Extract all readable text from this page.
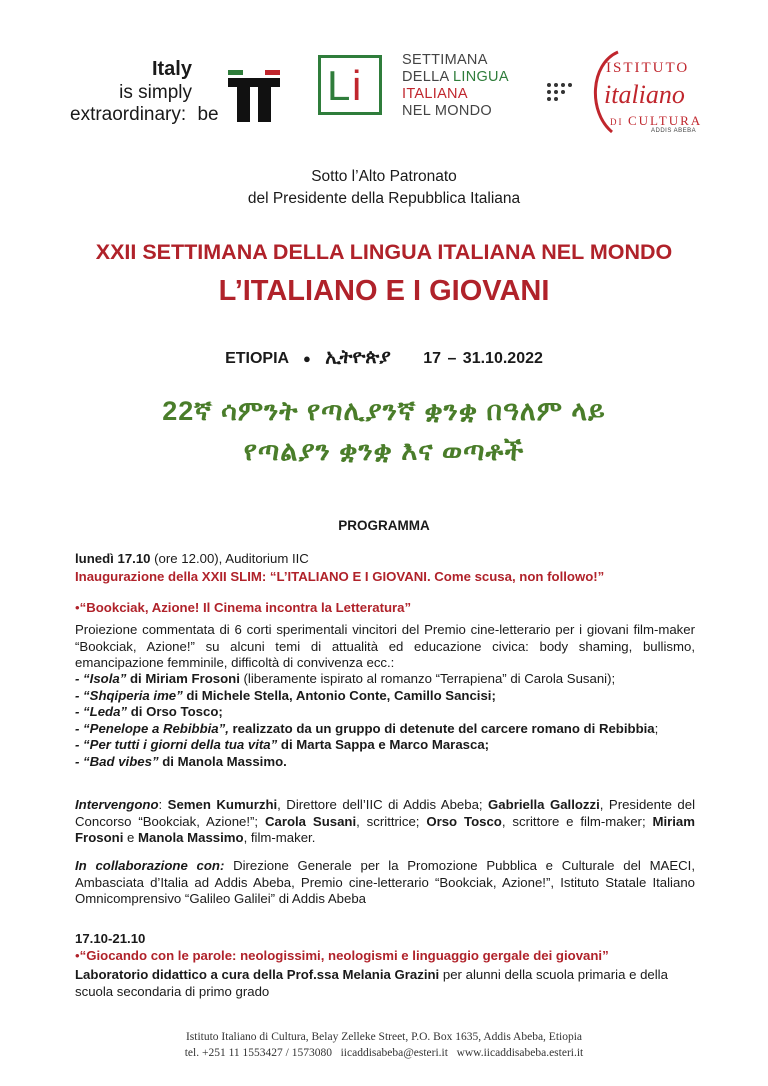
Italy
is simply
extraordinary: be
L i
SETTIMANA
DELLA LINGUA
ITALIANA
NEL MONDO
ISTITUTO
italiano
DI CULTURA
ADDIS ABEBA
Sotto l’Alto Patronato
del Presidente della Repubblica Italiana
XXII SETTIMANA DELLA LINGUA ITALIANA NEL MONDO
L’ITALIANO E I GIOVANI
ETIOPIA ● ኢትዮጵያ 17 – 31.10.2022
22ኛ ሳምንት የጣሊያንኛ ቋንቋ በዓለም ላይ
የጣልያን ቋንቋ እና ወጣቶች
PROGRAMMA
lunedì 17.10 (ore 12.00), Auditorium IIC
Inaugurazione della XXII SLIM: “L’ITALIANO E I GIOVANI. Come scusa, non followo!”
•“Bookciak, Azione! Il Cinema incontra la Letteratura”
Proiezione commentata di 6 corti sperimentali vincitori del Premio cine-letterario per i giovani film-maker “Bookciak, Azione!” su alcuni temi di attualità ed educazione civica: body shaming, bullismo, emancipazione femminile, difficoltà di convivenza ecc.:
- “Isola” di Miriam Frosoni (liberamente ispirato al romanzo “Terrapiena” di Carola Susani);
- “Shqiperia ime” di Michele Stella, Antonio Conte, Camillo Sancisi;
- “Leda” di Orso Tosco;
- “Penelope a Rebibbia”, realizzato da un gruppo di detenute del carcere romano di Rebibbia;
- “Per tutti i giorni della tua vita” di Marta Sappa e Marco Marasca;
- “Bad vibes” di Manola Massimo.
Intervengono: Semen Kumurzhi, Direttore dell’IIC di Addis Abeba; Gabriella Gallozzi, Presidente del Concorso “Bookciak, Azione!”; Carola Susani, scrittrice; Orso Tosco, scrittore e film-maker; Miriam Frosoni e Manola Massimo, film-maker.
In collaborazione con: Direzione Generale per la Promozione Pubblica e Culturale del MAECI, Ambasciata d’Italia ad Addis Abeba, Premio cine-letterario “Bookciak, Azione!”, Istituto Statale Italiano Omnicomprensivo “Galileo Galilei” di Addis Abeba
17.10-21.10
•“Giocando con le parole: neologissimi, neologismi e linguaggio gergale dei giovani”
Laboratorio didattico a cura della Prof.ssa Melania Grazini per alunni della scuola primaria e della scuola secondaria di primo grado
Istituto Italiano di Cultura, Belay Zelleke Street, P.O. Box 1635, Addis Abeba, Etiopia
tel. +251 11 1553427 / 1573080   iicaddisabeba@esteri.it   www.iicaddisabeba.esteri.it
